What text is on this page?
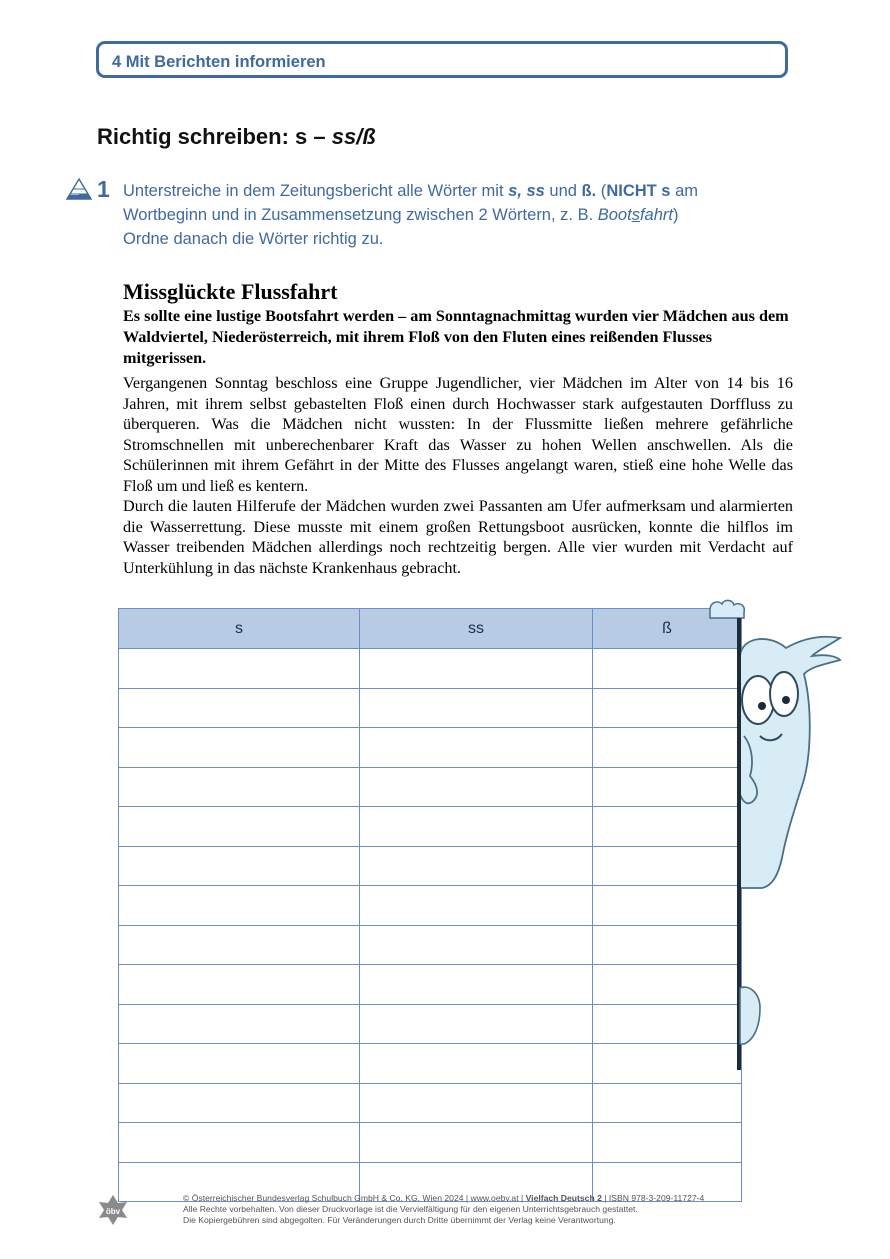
4 Mit Berichten informieren
Richtig schreiben: s – ss/ß
1 Unterstreiche in dem Zeitungsbericht alle Wörter mit s, ss und ß. (NICHT s am Wortbeginn und in Zusammensetzung zwischen 2 Wörtern, z. B. Bootsfahrt)
Ordne danach die Wörter richtig zu.
Missglückte Flussfahrt

Es sollte eine lustige Bootsfahrt werden – am Sonntagnachmittag wurden vier Mädchen aus dem Waldviertel, Niederösterreich, mit ihrem Floß von den Fluten eines reißenden Flusses mitgerissen.

Vergangenen Sonntag beschloss eine Gruppe Jugendlicher, vier Mädchen im Alter von 14 bis 16 Jahren, mit ihrem selbst gebastelten Floß einen durch Hochwasser stark aufgestauten Dorffluss zu überqueren. Was die Mädchen nicht wussten: In der Flussmitte ließen mehrere gefährliche Stromschnellen mit unberechenbarer Kraft das Wasser zu hohen Wellen anschwellen. Als die Schülerinnen mit ihrem Gefährt in der Mitte des Flusses angelangt waren, stieß eine hohe Welle das Floß um und ließ es kentern.

Durch die lauten Hilferufe der Mädchen wurden zwei Passanten am Ufer aufmerksam und alarmierten die Wasserrettung. Diese musste mit einem großen Rettungsboot ausrücken, konnte die hilflos im Wasser treibenden Mädchen allerdings noch rechtzeitig bergen. Alle vier wurden mit Verdacht auf Unterkühlung in das nächste Krankenhaus gebracht.

s	ss	ß

öbv
© Österreichischer Bundesverlag Schulbuch GmbH & Co. KG, Wien 2024 | www.oebv.at | Vielfach Deutsch 2 | ISBN 978-3-209-11727-4
Alle Rechte vorbehalten. Von dieser Druckvorlage ist die Vervielfältigung für den eigenen Unterrichtsgebrauch gestattet.
Die Kopiergebühren sind abgegolten. Für Veränderungen durch Dritte übernimmt der Verlag keine Verantwortung.
